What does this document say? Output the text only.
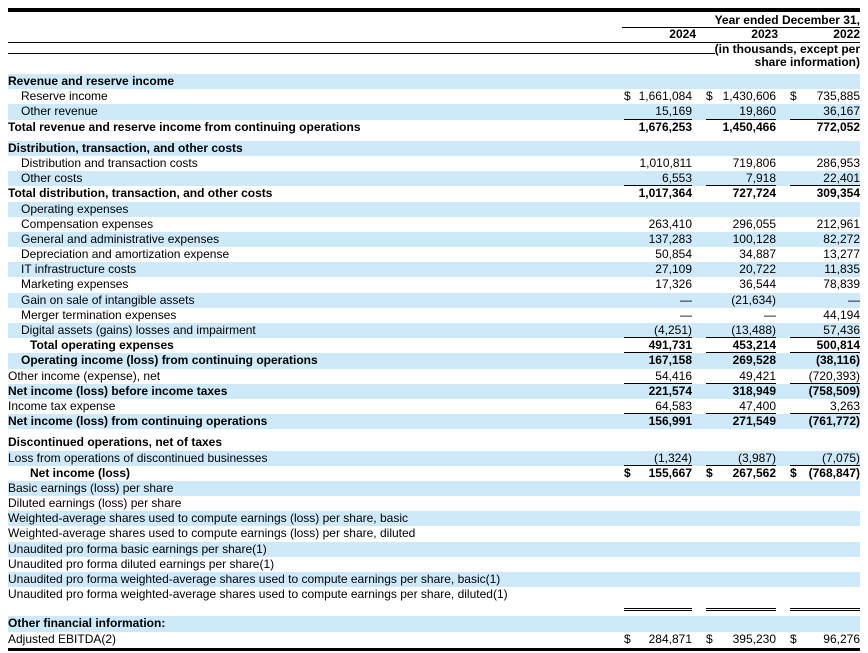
Year ended December 31,
2024	2023	2022
(in thousands, except per
share information)
Revenue and reserve income
Reserve income	$ 1,661,084 $ 1,430,606 $ 735,885
Other revenue	15,169	19,860	36,167
Total revenue and reserve income from continuing operations	1,676,253	1,450,466	772,052
Distribution, transaction, and other costs
Distribution and transaction costs	1,010,811	719,806	286,953
Other costs	6,553	7,918	22,401
Total distribution, transaction, and other costs	1,017,364	727,724	309,354
Operating expenses
Compensation expenses	263,410	296,055	212,961
General and administrative expenses	137,283	100,128	82,272
Depreciation and amortization expense	50,854	34,887	13,277
IT infrastructure costs	27,109	20,722	11,835
Marketing expenses	17,326	36,544	78,839
Gain on sale of intangible assets	—	(21,634)	—
Merger termination expenses	—	—	44,194
Digital assets (gains) losses and impairment	(4,251)	(13,488)	57,436
Total operating expenses	491,731	453,214	500,814
Operating income (loss) from continuing operations	167,158	269,528	(38,116)
Other income (expense), net	54,416	49,421	(720,393)
Net income (loss) before income taxes	221,574	318,949	(758,509)
Income tax expense	64,583	47,400	3,263
Net income (loss) from continuing operations	156,991	271,549	(761,772)
Discontinued operations, net of taxes
Loss from operations of discontinued businesses	(1,324)	(3,987)	(7,075)
Net income (loss)	$ 155,667 $ 267,562 $ (768,847)
Basic earnings (loss) per share
Diluted earnings (loss) per share
Weighted-average shares used to compute earnings (loss) per share, basic
Weighted-average shares used to compute earnings (loss) per share, diluted
Unaudited pro forma basic earnings per share(1)
Unaudited pro forma diluted earnings per share(1)
Unaudited pro forma weighted-average shares used to compute earnings per share, basic(1)
Unaudited pro forma weighted-average shares used to compute earnings per share, diluted(1)
Other financial information:
Adjusted EBITDA(2)	$ 284,871 $ 395,230 $ 96,276
